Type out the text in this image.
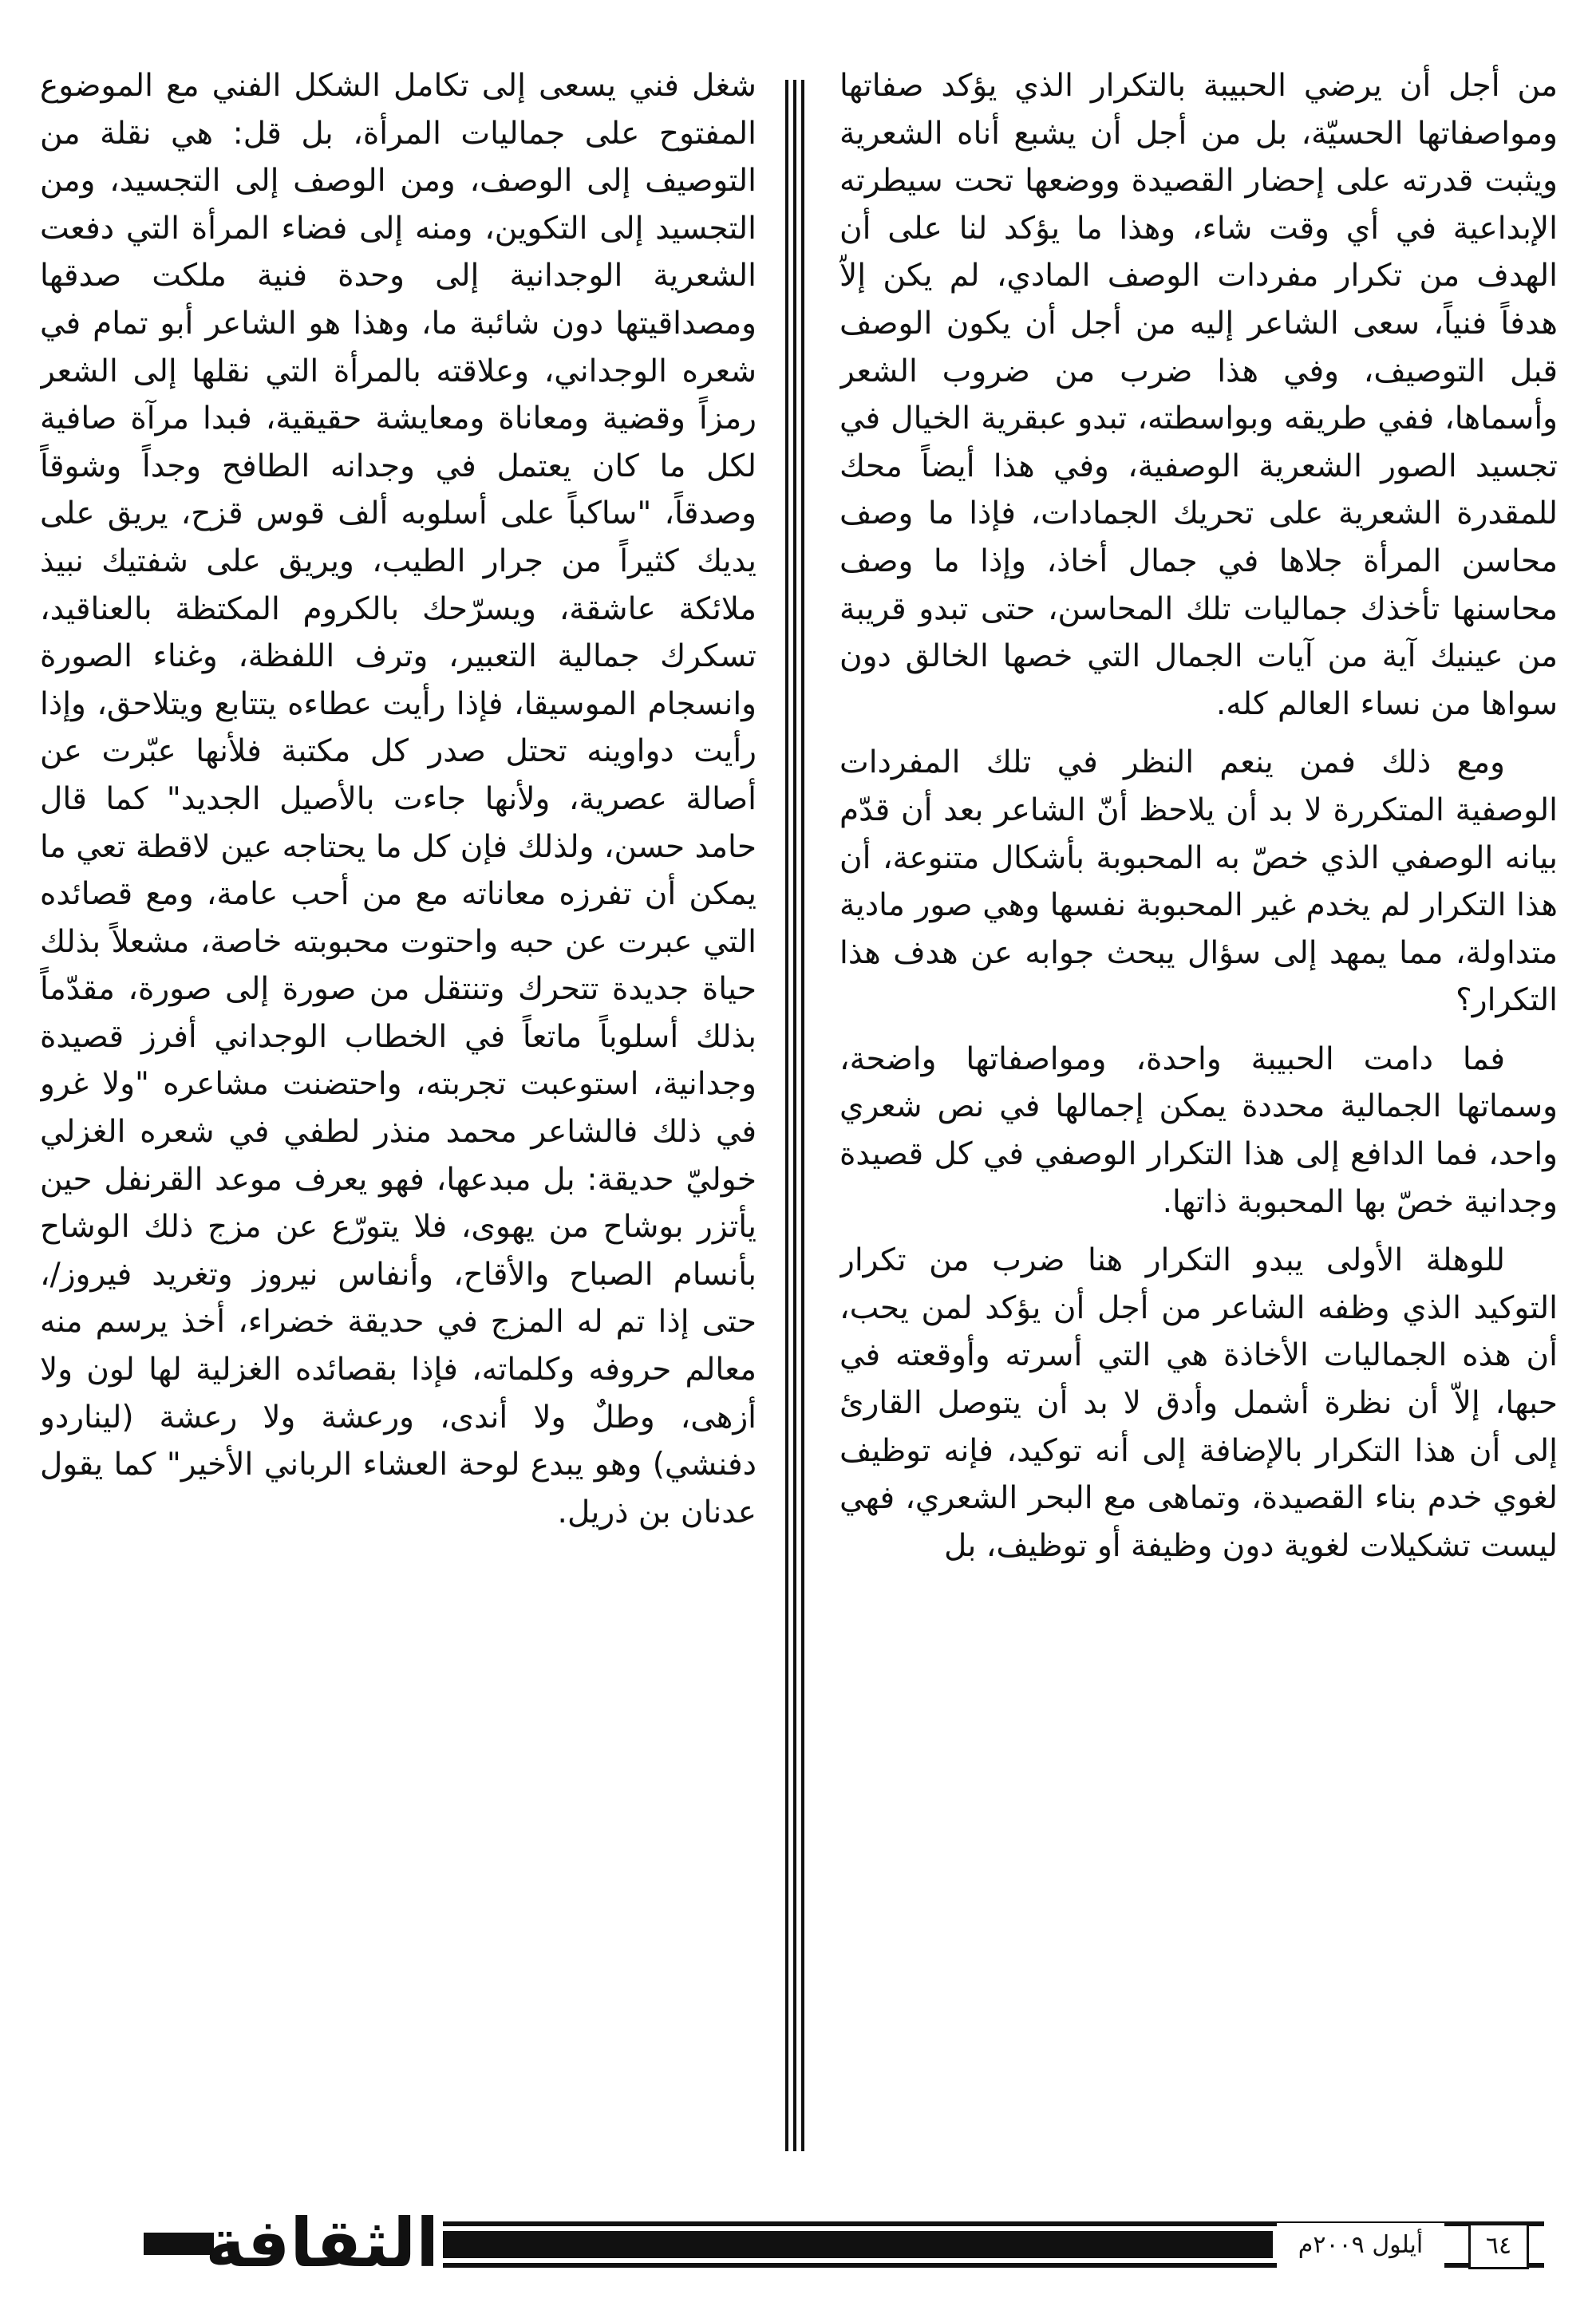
من أجل أن يرضي الحبيبة بالتكرار الذي يؤكد صفاتها ومواصفاتها الحسيّة، بل من أجل أن يشبع أناه الشعرية ويثبت قدرته على إحضار القصيدة ووضعها تحت سيطرته الإبداعية في أي وقت شاء، وهذا ما يؤكد لنا على أن الهدف من تكرار مفردات الوصف المادي، لم يكن إلاّ هدفاً فنياً، سعى الشاعر إليه من أجل أن يكون الوصف قبل التوصيف، وفي هذا ضرب من ضروب الشعر وأسماها، ففي طريقه وبواسطته، تبدو عبقرية الخيال في تجسيد الصور الشعرية الوصفية، وفي هذا أيضاً محك للمقدرة الشعرية على تحريك الجمادات، فإذا ما وصف محاسن المرأة جلاها في جمال أخاذ، وإذا ما وصف محاسنها تأخذك جماليات تلك المحاسن، حتى تبدو قريبة من عينيك آية من آيات الجمال التي خصها الخالق دون سواها من نساء العالم كله.

ومع ذلك فمن ينعم النظر في تلك المفردات الوصفية المتكررة لا بد أن يلاحظ أنّ الشاعر بعد أن قدّم بيانه الوصفي الذي خصّ به المحبوبة بأشكال متنوعة، أن هذا التكرار لم يخدم غير المحبوبة نفسها وهي صور مادية متداولة، مما يمهد إلى سؤال يبحث جوابه عن هدف هذا التكرار؟

فما دامت الحبيبة واحدة، ومواصفاتها واضحة، وسماتها الجمالية محددة يمكن إجمالها في نص شعري واحد، فما الدافع إلى هذا التكرار الوصفي في كل قصيدة وجدانية خصّ بها المحبوبة ذاتها.

للوهلة الأولى يبدو التكرار هنا ضرب من تكرار التوكيد الذي وظفه الشاعر من أجل أن يؤكد لمن يحب، أن هذه الجماليات الأخاذة هي التي أسرته وأوقعته في حبها، إلاّ أن نظرة أشمل وأدق لا بد أن يتوصل القارئ إلى أن هذا التكرار بالإضافة إلى أنه توكيد، فإنه توظيف لغوي خدم بناء القصيدة، وتماهى مع البحر الشعري، فهي ليست تشكيلات لغوية دون وظيفة أو توظيف، بل

شغل فني يسعى إلى تكامل الشكل الفني مع الموضوع المفتوح على جماليات المرأة، بل قل: هي نقلة من التوصيف إلى الوصف، ومن الوصف إلى التجسيد، ومن التجسيد إلى التكوين، ومنه إلى فضاء المرأة التي دفعت الشعرية الوجدانية إلى وحدة فنية ملكت صدقها ومصداقيتها دون شائبة ما، وهذا هو الشاعر أبو تمام في شعره الوجداني، وعلاقته بالمرأة التي نقلها إلى الشعر رمزاً وقضية ومعاناة ومعايشة حقيقية، فبدا مرآة صافية لكل ما كان يعتمل في وجدانه الطافح وجداً وشوقاً وصدقاً، "ساكباً على أسلوبه ألف قوس قزح، يريق على يديك كثيراً من جرار الطيب، ويريق على شفتيك نبيذ ملائكة عاشقة، ويسرّحك بالكروم المكتظة بالعناقيد، تسكرك جمالية التعبير، وترف اللفظة، وغناء الصورة وانسجام الموسيقا، فإذا رأيت عطاءه يتتابع ويتلاحق، وإذا رأيت دواوينه تحتل صدر كل مكتبة فلأنها عبّرت عن أصالة عصرية، ولأنها جاءت بالأصيل الجديد" كما قال حامد حسن، ولذلك فإن كل ما يحتاجه عين لاقطة تعي ما يمكن أن تفرزه معاناته مع من أحب عامة، ومع قصائده التي عبرت عن حبه واحتوت محبوبته خاصة، مشعلاً بذلك حياة جديدة تتحرك وتنتقل من صورة إلى صورة، مقدّماً بذلك أسلوباً ماتعاً في الخطاب الوجداني أفرز قصيدة وجدانية، استوعبت تجربته، واحتضنت مشاعره "ولا غرو في ذلك فالشاعر محمد منذر لطفي في شعره الغزلي خوليّ حديقة: بل مبدعها، فهو يعرف موعد القرنفل حين يأتزر بوشاح من يهوى، فلا يتورّع عن مزج ذلك الوشاح بأنسام الصباح والأقاح، وأنفاس نيروز وتغريد فيروز/، حتى إذا تم له المزج في حديقة خضراء، أخذ يرسم منه معالم حروفه وكلماته، فإذا بقصائده الغزلية لها لون ولا أزهى، وطلٌ ولا أندى، ورعشة ولا رعشة (ليناردو دفنشي) وهو يبدع لوحة العشاء الرباني الأخير" كما يقول عدنان بن ذريل.

الثقافة	أيلول ٢٠٠٩م	٦٤
